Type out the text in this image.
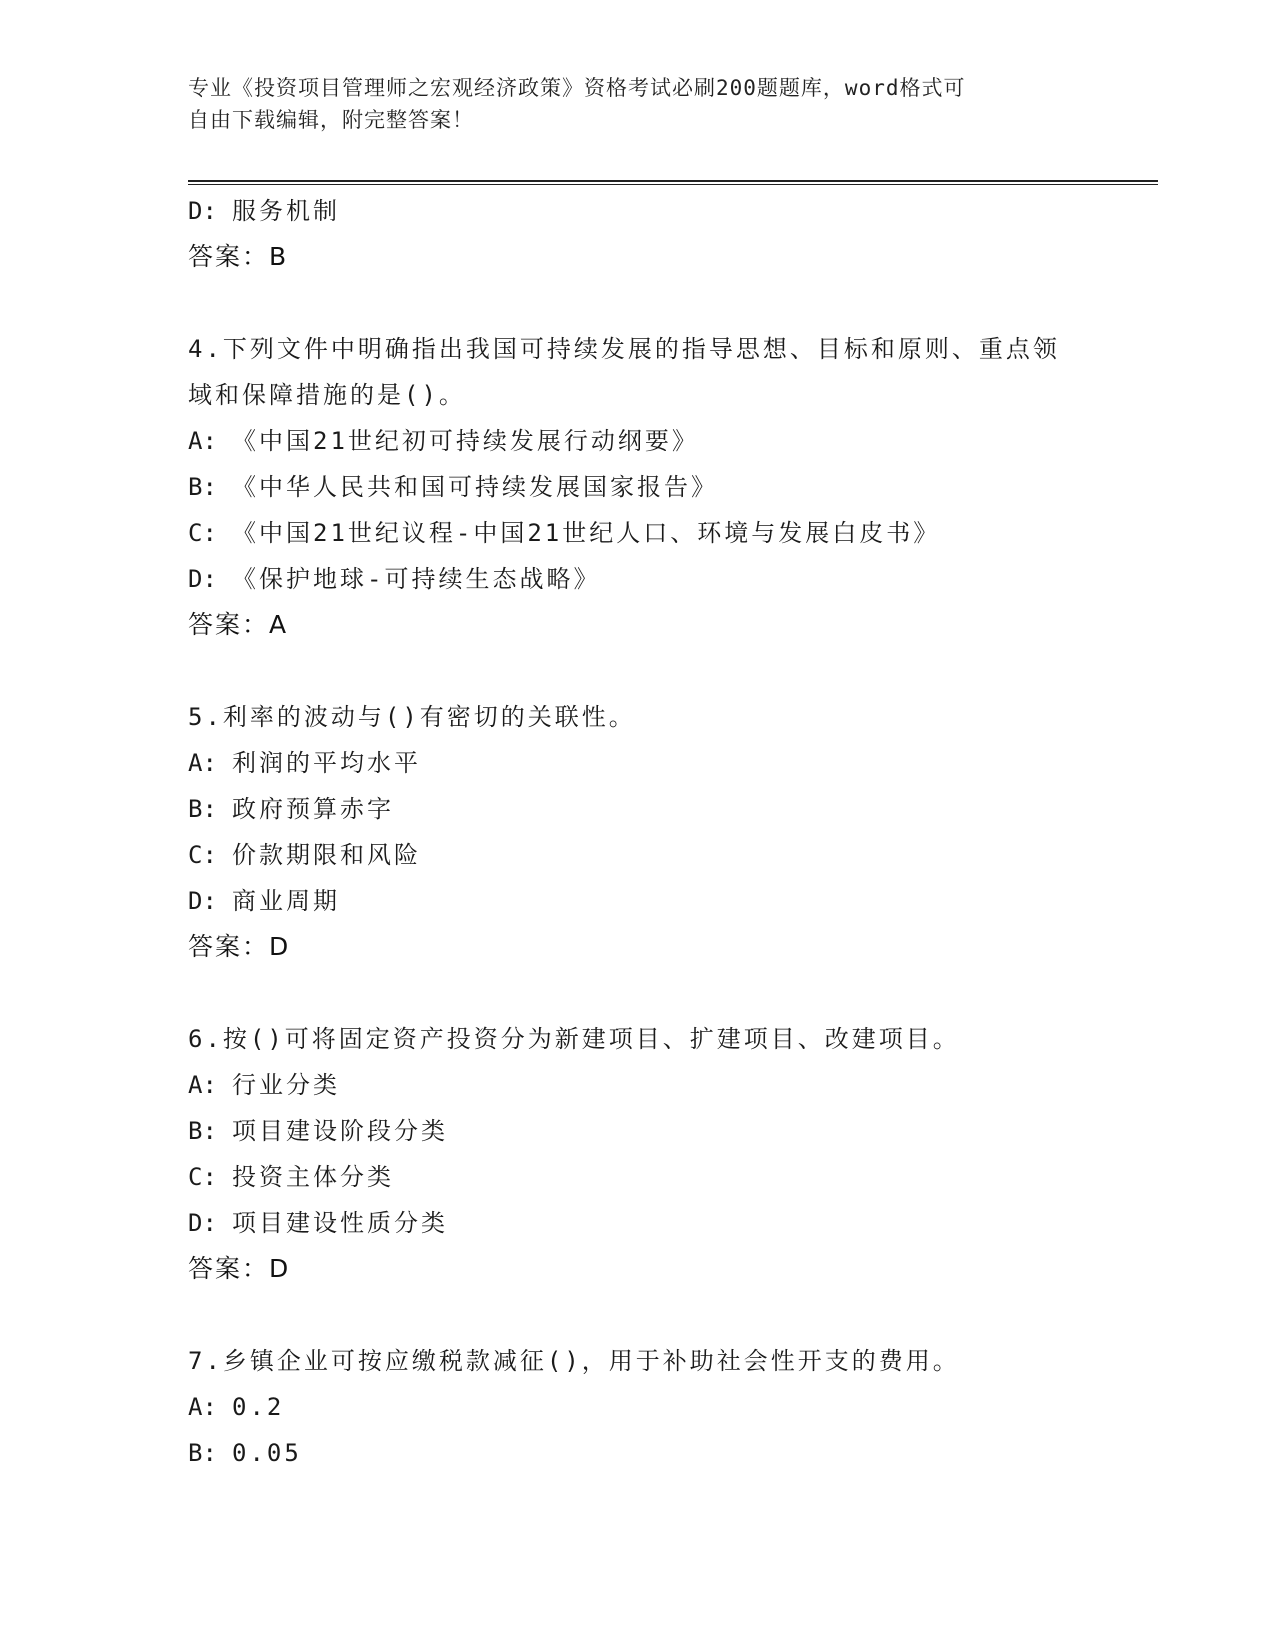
专业《投资项目管理师之宏观经济政策》资格考试必刷200题题库，word格式可
自由下载编辑，附完整答案！
D: 服务机制
答案：B
4.下列文件中明确指出我国可持续发展的指导思想、目标和原则、重点领域和保障措施的是()。
A: 《中国21世纪初可持续发展行动纲要》
B: 《中华人民共和国可持续发展国家报告》
C: 《中国21世纪议程-中国21世纪人口、环境与发展白皮书》
D: 《保护地球-可持续生态战略》
答案：A
5.利率的波动与()有密切的关联性。
A: 利润的平均水平
B: 政府预算赤字
C: 价款期限和风险
D: 商业周期
答案：D
6.按()可将固定资产投资分为新建项目、扩建项目、改建项目。
A: 行业分类
B: 项目建设阶段分类
C: 投资主体分类
D: 项目建设性质分类
答案：D
7.乡镇企业可按应缴税款减征()，用于补助社会性开支的费用。
A: 0.2
B: 0.05
